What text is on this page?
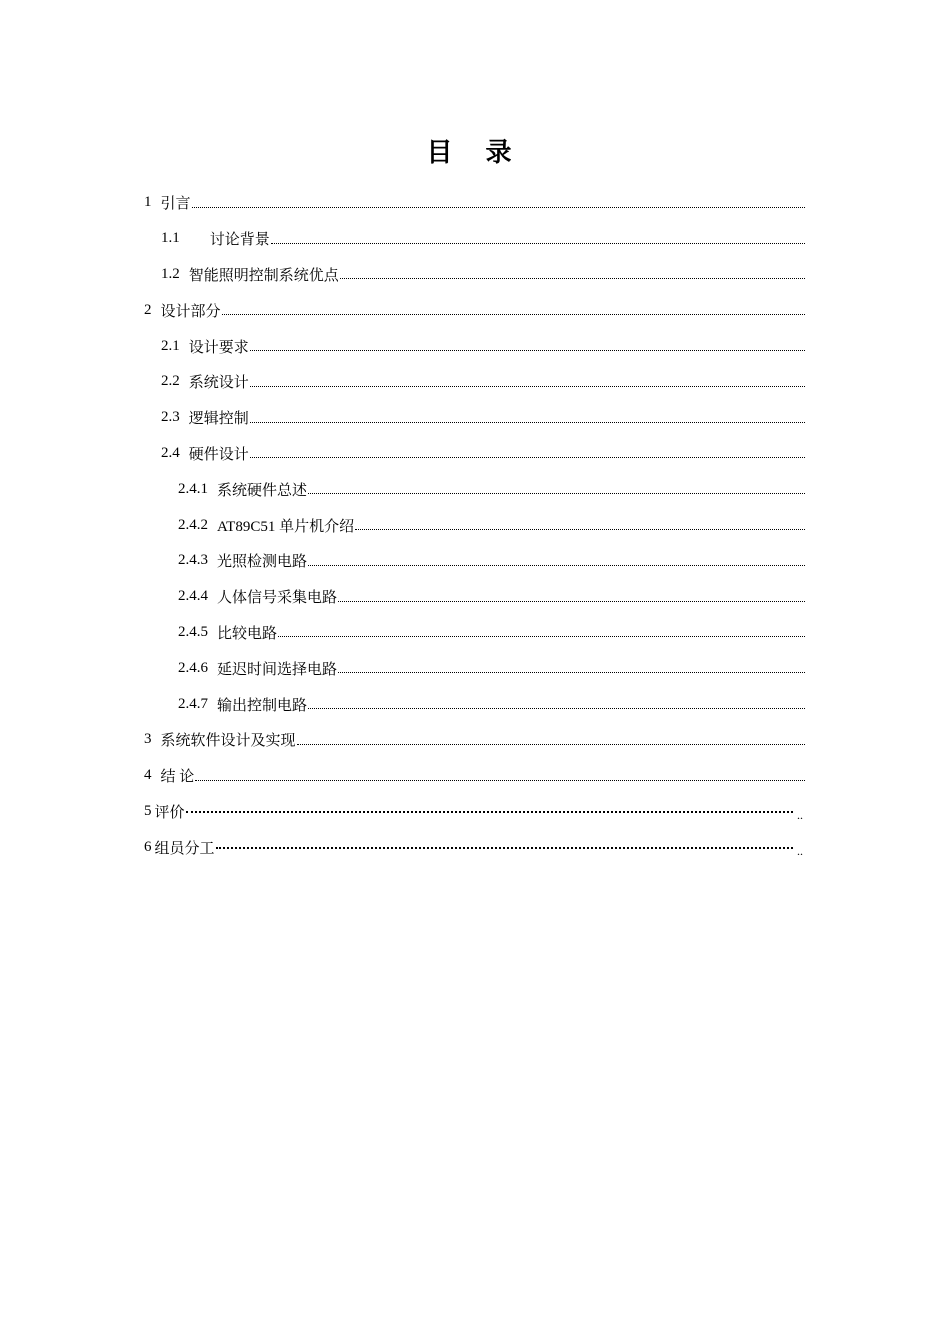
目 录
1 引言
1.1 讨论背景
1.2 智能照明控制系统优点
2 设计部分
2.1 设计要求
2.2 系统设计
2.3 逻辑控制
2.4 硬件设计
2.4.1 系统硬件总述
2.4.2 AT89C51 单片机介绍
2.4.3 光照检测电路
2.4.4 人体信号采集电路
2.4.5 比较电路
2.4.6 延迟时间选择电路
2.4.7 输出控制电路
3 系统软件设计及实现
4 结 论
5 评价
..
6 组员分工
..
